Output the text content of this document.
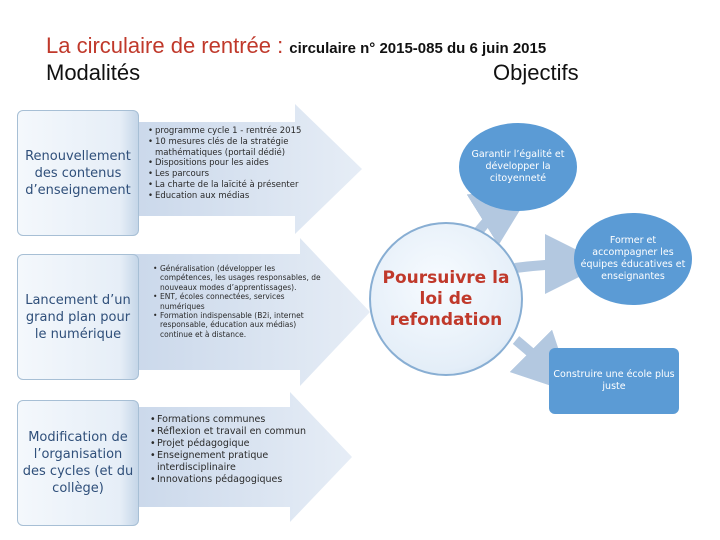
La circulaire de rentrée : circulaire n° 2015-085 du 6 juin 2015
Modalités	Objectifs
Renouvellement des contenus d’enseignement
Lancement d’un grand plan pour le numérique
Modification de l’organisation des cycles (et du collège)
• programme cycle 1 - rentrée 2015
• 10 mesures clés de la stratégie mathématiques (portail dédié)
• Dispositions pour les aides
• Les parcours
• La charte de la laïcité à présenter
• Education aux médias
• Généralisation (développer les compétences, les usages responsables, de nouveaux modes d’apprentissages).
• ENT, écoles connectées, services numériques
• Formation indispensable (B2i, internet responsable, éducation aux médias) continue et à distance.
• Formations communes
• Réflexion et travail en commun
• Projet pédagogique
• Enseignement pratique interdisciplinaire
• Innovations pédagogiques
Poursuivre la loi de refondation
Garantir l’égalité et développer la citoyenneté
Former et accompagner les équipes éducatives et enseignantes
Construire une école plus juste
